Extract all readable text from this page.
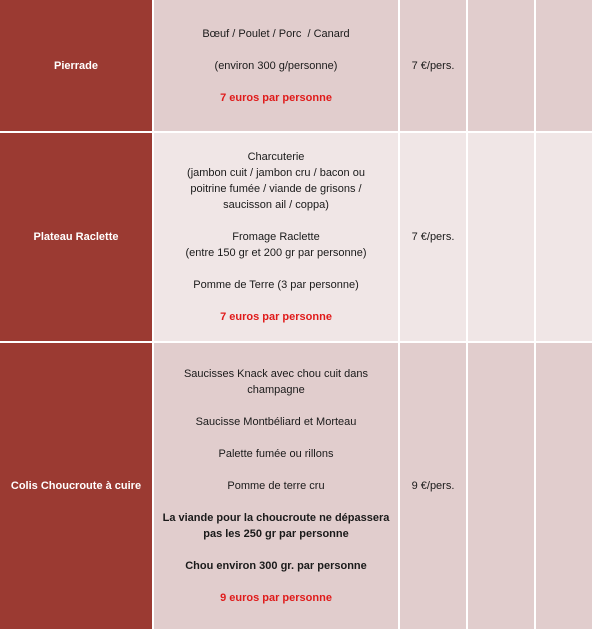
Pierrade
Bœuf / Poulet / Porc  / Canard
(environ 300 g/personne)
7 euros par personne
7 €/pers.
Plateau Raclette
Charcuterie
(jambon cuit / jambon cru / bacon ou
poitrine fumée / viande de grisons /
saucisson ail / coppa)
Fromage Raclette
(entre 150 gr et 200 gr par personne)
Pomme de Terre (3 par personne)
7 euros par personne
7 €/pers.
Colis Choucroute à cuire
Saucisses Knack avec chou cuit dans
champagne
Saucisse Montbéliard et Morteau
Palette fumée ou rillons
Pomme de terre cru
La viande pour la choucroute ne dépassera
pas les 250 gr par personne
Chou environ 300 gr. par personne
9 euros par personne
9 €/pers.
